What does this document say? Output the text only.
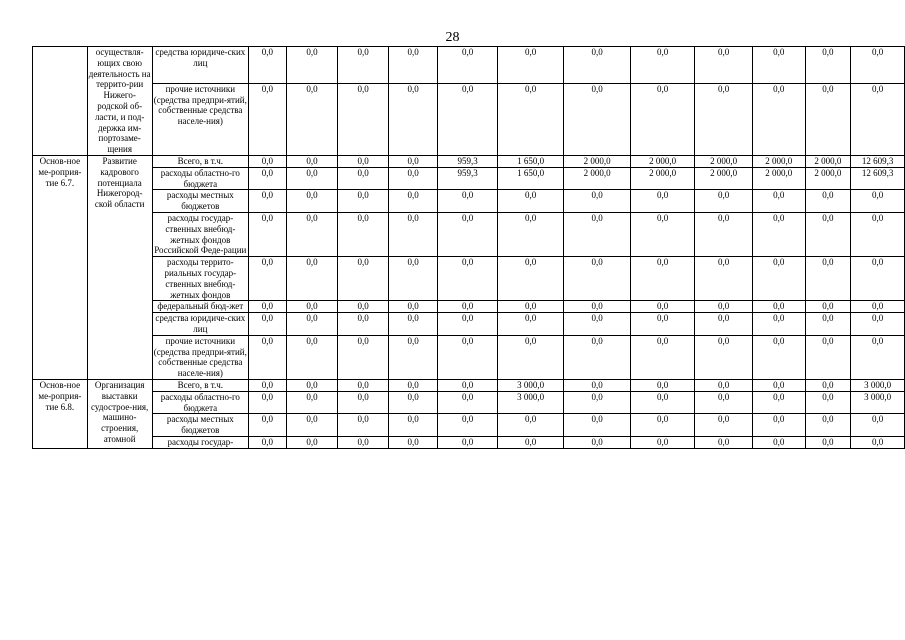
28
	осуществля-ющих свою деятельность на террито-рии Нижего-родской об-ласти, и под-держка им-портозаме-щения	средства юридиче-ских лиц	0,0	0,0	0,0	0,0	0,0	0,0	0,0	0,0	0,0	0,0	0,0	0,0
		прочие источники (средства предпри-ятий, собственные средства населе-ния)	0,0	0,0	0,0	0,0	0,0	0,0	0,0	0,0	0,0	0,0	0,0	0,0
Основ-ное ме-роприя-тие 6.7.	Развитие кадрового потенциала Нижегород-ской области	Всего, в т.ч.	0,0	0,0	0,0	0,0	959,3	1 650,0	2 000,0	2 000,0	2 000,0	2 000,0	2 000,0	12 609,3
		расходы областно-го бюджета	0,0	0,0	0,0	0,0	959,3	1 650,0	2 000,0	2 000,0	2 000,0	2 000,0	2 000,0	12 609,3
		расходы местных бюджетов	0,0	0,0	0,0	0,0	0,0	0,0	0,0	0,0	0,0	0,0	0,0	0,0
		расходы государ-ственных внебюд-жетных фондов Российской Феде-рации	0,0	0,0	0,0	0,0	0,0	0,0	0,0	0,0	0,0	0,0	0,0	0,0
		расходы террито-риальных государ-ственных внебюд-жетных фондов	0,0	0,0	0,0	0,0	0,0	0,0	0,0	0,0	0,0	0,0	0,0	0,0
		федеральный бюд-жет	0,0	0,0	0,0	0,0	0,0	0,0	0,0	0,0	0,0	0,0	0,0	0,0
		средства юридиче-ских лиц	0,0	0,0	0,0	0,0	0,0	0,0	0,0	0,0	0,0	0,0	0,0	0,0
		прочие источники (средства предпри-ятий, собственные средства населе-ния)	0,0	0,0	0,0	0,0	0,0	0,0	0,0	0,0	0,0	0,0	0,0	0,0
Основ-ное ме-роприя-тие 6.8.	Организация выставки судострое-ния, машино-строения, атомной	Всего, в т.ч.	0,0	0,0	0,0	0,0	0,0	3 000,0	0,0	0,0	0,0	0,0	0,0	3 000,0
		расходы областно-го бюджета	0,0	0,0	0,0	0,0	0,0	3 000,0	0,0	0,0	0,0	0,0	0,0	3 000,0
		расходы местных бюджетов	0,0	0,0	0,0	0,0	0,0	0,0	0,0	0,0	0,0	0,0	0,0	0,0
		расходы государ-	0,0	0,0	0,0	0,0	0,0	0,0	0,0	0,0	0,0	0,0	0,0	0,0
